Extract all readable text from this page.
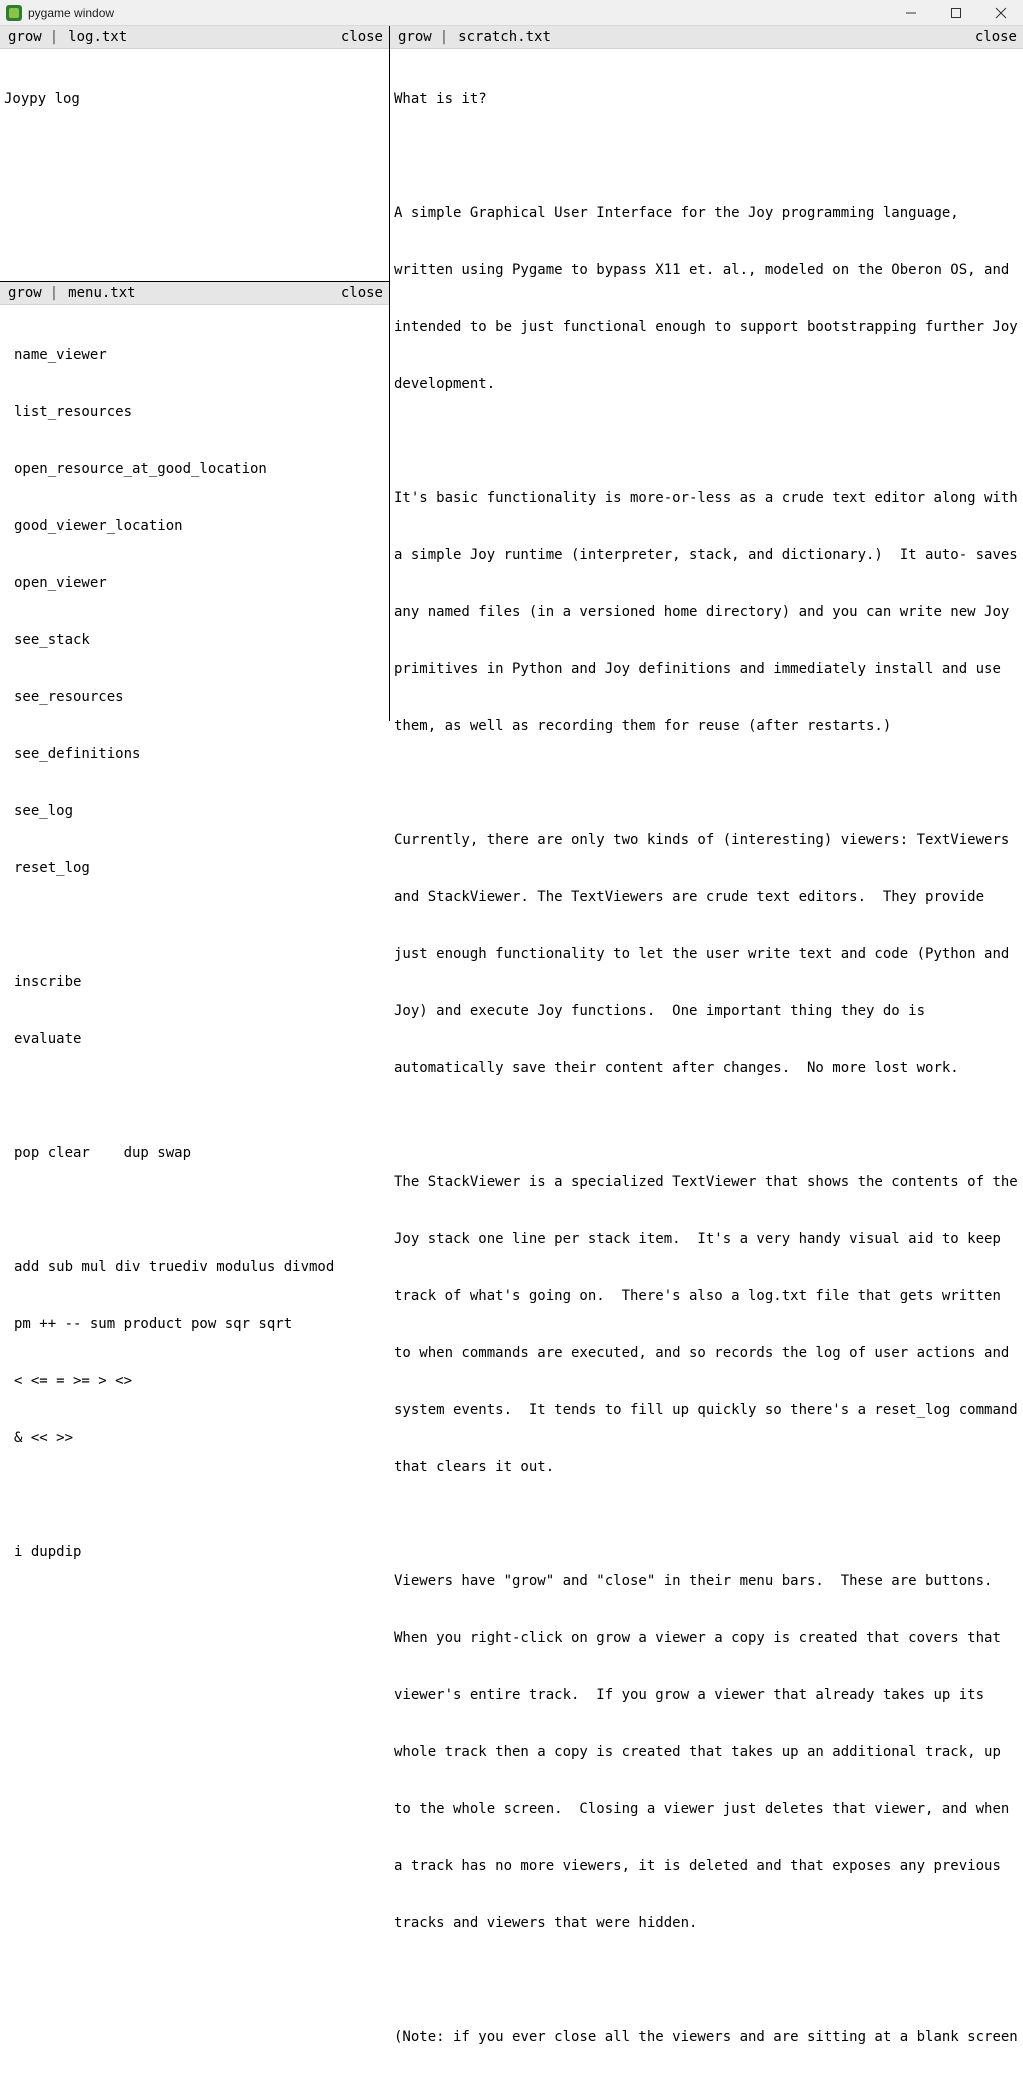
pygame window
grow | log.txt	close

Joypy log

grow | menu.txt	close

name_viewer

list_resources

open_resource_at_good_location

good_viewer_location

open_viewer

see_stack

see_resources

see_definitions

see_log

reset_log

inscribe

evaluate

pop clear    dup swap

add sub mul div truediv modulus divmod

pm ++ -- sum product pow sqr sqrt

< <= = >= > <>

& << >>

i dupdip

grow | scratch.txt	close

What is it?

A simple Graphical User Interface for the Joy programming language,

written using Pygame to bypass X11 et. al., modeled on the Oberon OS, and

intended to be just functional enough to support bootstrapping further Joy

development.

It's basic functionality is more-or-less as a crude text editor along with

a simple Joy runtime (interpreter, stack, and dictionary.)  It auto- saves

any named files (in a versioned home directory) and you can write new Joy

primitives in Python and Joy definitions and immediately install and use

them, as well as recording them for reuse (after restarts.)

Currently, there are only two kinds of (interesting) viewers: TextViewers

and StackViewer. The TextViewers are crude text editors.  They provide

just enough functionality to let the user write text and code (Python and

Joy) and execute Joy functions.  One important thing they do is

automatically save their content after changes.  No more lost work.

The StackViewer is a specialized TextViewer that shows the contents of the

Joy stack one line per stack item.  It's a very handy visual aid to keep

track of what's going on.  There's also a log.txt file that gets written

to when commands are executed, and so records the log of user actions and

system events.  It tends to fill up quickly so there's a reset_log command

that clears it out.

Viewers have "grow" and "close" in their menu bars.  These are buttons.

When you right-click on grow a viewer a copy is created that covers that

viewer's entire track.  If you grow a viewer that already takes up its

whole track then a copy is created that takes up an additional track, up

to the whole screen.  Closing a viewer just deletes that viewer, and when

a track has no more viewers, it is deleted and that exposes any previous

tracks and viewers that were hidden.

(Note: if you ever close all the viewers and are sitting at a blank screen
